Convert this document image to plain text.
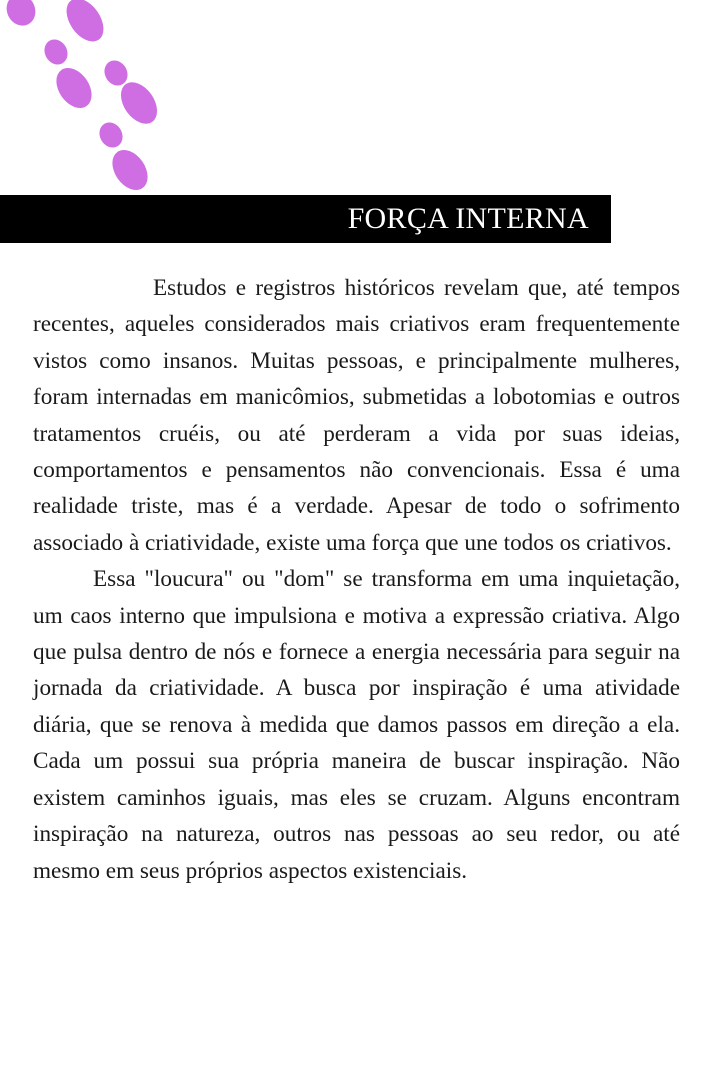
FORÇA INTERNA

Estudos e registros históricos revelam que, até tempos recentes, aqueles considerados mais criativos eram frequentemente vistos como insanos. Muitas pessoas, e principalmente mulheres, foram internadas em manicômios, submetidas a lobotomias e outros tratamentos cruéis, ou até perderam a vida por suas ideias, comportamentos e pensamentos não convencionais. Essa é uma realidade triste, mas é a verdade. Apesar de todo o sofrimento associado à criatividade, existe uma força que une todos os criativos.

Essa "loucura" ou "dom" se transforma em uma inquietação, um caos interno que impulsiona e motiva a expressão criativa. Algo que pulsa dentro de nós e fornece a energia necessária para seguir na jornada da criatividade. A busca por inspiração é uma atividade diária, que se renova à medida que damos passos em direção a ela. Cada um possui sua própria maneira de buscar inspiração. Não existem caminhos iguais, mas eles se cruzam. Alguns encontram inspiração na natureza, outros nas pessoas ao seu redor, ou até mesmo em seus próprios aspectos existenciais.
